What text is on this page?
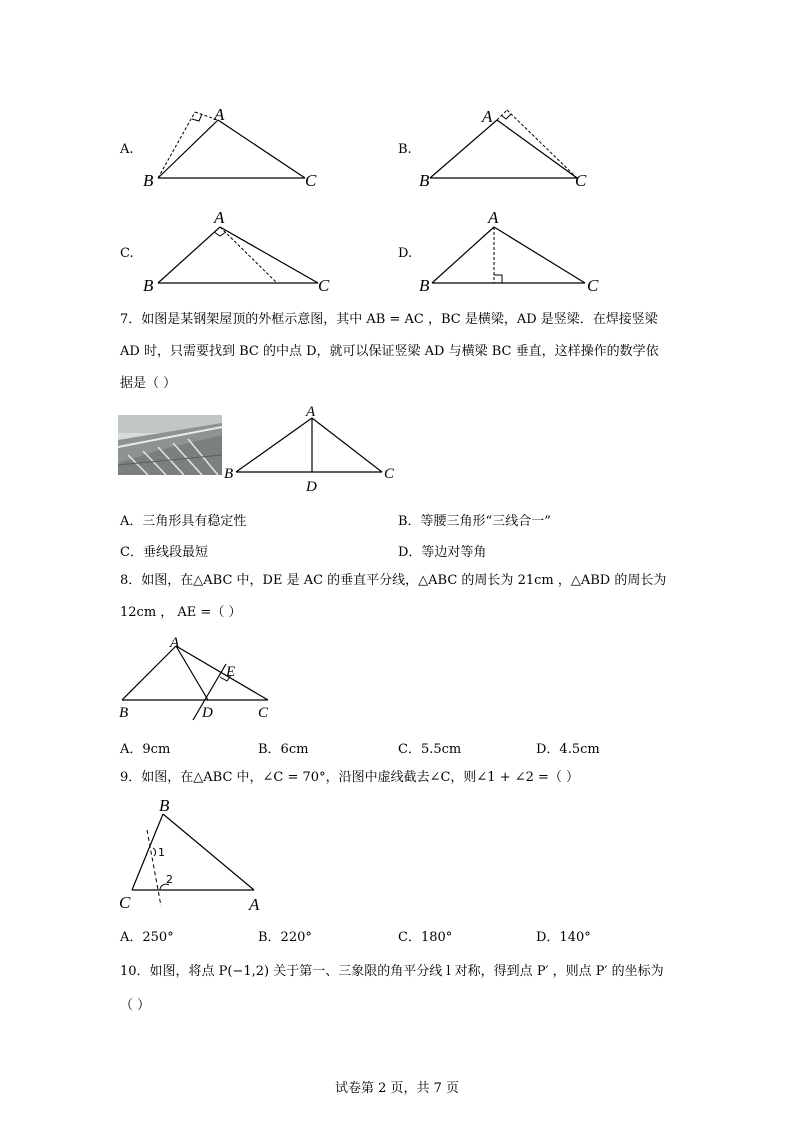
A.
A
B	C
B.
A
B	C
C.
A
B	C
D.
A
B	C
7．如图是某钢架屋顶的外框示意图，其中 AB = AC ，BC 是横梁，AD 是竖梁．在焊接竖梁
AD 时，只需要找到 BC 的中点 D，就可以保证竖梁 AD 与横梁 BC 垂直，这样操作的数学依
据是（ ）
A
B	C
D
A．三角形具有稳定性	B．等腰三角形“三线合一”
C．垂线段最短	D．等边对等角
8．如图，在△ABC 中，DE 是 AC 的垂直平分线，△ABC 的周长为 21cm ，△ABD 的周长为
12cm ， AE =（ ）
A
B	C
D
E
A．9cm	B．6cm	C．5.5cm	D．4.5cm
9．如图，在△ABC 中，∠C = 70°，沿图中虚线截去∠C，则∠1 + ∠2 =（ ）
1
2
B
C	A
A．250°	B．220°	C．180°	D．140°
10．如图，将点 P(−1,2) 关于第一、三象限的角平分线 l 对称，得到点 P′ ，则点 P′ 的坐标为
（ ）
试卷第 2 页，共 7 页
